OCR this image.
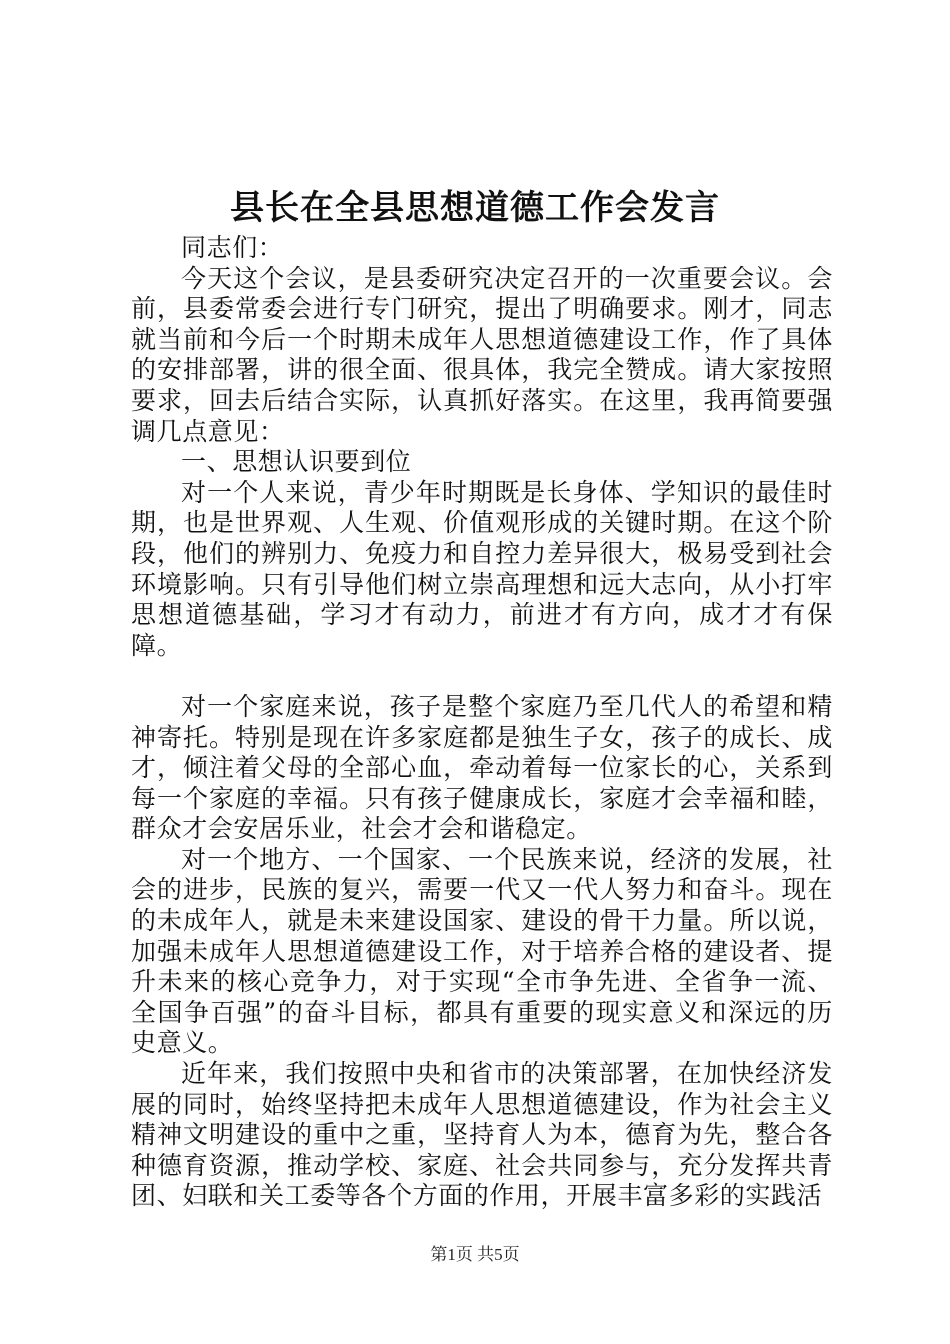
县长在全县思想道德工作会发言

同志们：

今天这个会议，是县委研究决定召开的一次重要会议。会前，县委常委会进行专门研究，提出了明确要求。刚才，同志就当前和今后一个时期未成年人思想道德建设工作，作了具体的安排部署，讲的很全面、很具体，我完全赞成。请大家按照要求，回去后结合实际，认真抓好落实。在这里，我再简要强调几点意见：

一、思想认识要到位

对一个人来说，青少年时期既是长身体、学知识的最佳时期，也是世界观、人生观、价值观形成的关键时期。在这个阶段，他们的辨别力、免疫力和自控力差异很大，极易受到社会环境影响。只有引导他们树立崇高理想和远大志向，从小打牢思想道德基础，学习才有动力，前进才有方向，成才才有保障。

对一个家庭来说，孩子是整个家庭乃至几代人的希望和精神寄托。特别是现在许多家庭都是独生子女，孩子的成长、成才，倾注着父母的全部心血，牵动着每一位家长的心，关系到每一个家庭的幸福。只有孩子健康成长，家庭才会幸福和睦，群众才会安居乐业，社会才会和谐稳定。

对一个地方、一个国家、一个民族来说，经济的发展，社会的进步，民族的复兴，需要一代又一代人努力和奋斗。现在的未成年人，就是未来建设国家、建设的骨干力量。所以说，加强未成年人思想道德建设工作，对于培养合格的建设者、提升未来的核心竞争力，对于实现“全市争先进、全省争一流、全国争百强”的奋斗目标，都具有重要的现实意义和深远的历史意义。

近年来，我们按照中央和省市的决策部署，在加快经济发展的同时，始终坚持把未成年人思想道德建设，作为社会主义精神文明建设的重中之重，坚持育人为本，德育为先，整合各种德育资源，推动学校、家庭、社会共同参与，充分发挥共青团、妇联和关工委等各个方面的作用，开展丰富多彩的实践活

第1页 共5页
